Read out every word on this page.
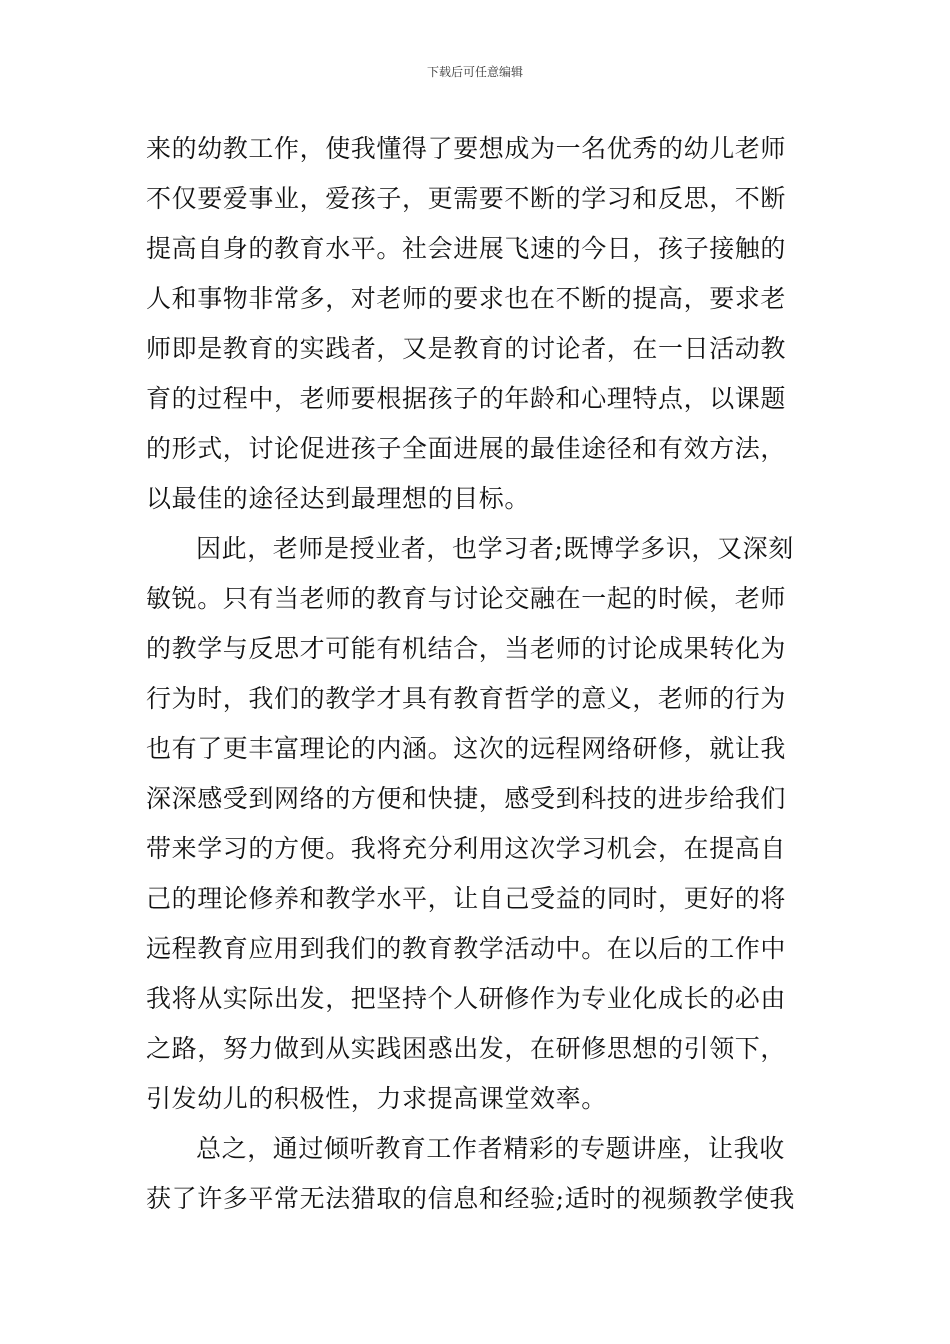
下载后可任意编辑
来的幼教工作，使我懂得了要想成为一名优秀的幼儿老师
不仅要爱事业，爱孩子，更需要不断的学习和反思，不断
提高自身的教育水平。社会进展飞速的今日，孩子接触的
人和事物非常多，对老师的要求也在不断的提高，要求老
师即是教育的实践者，又是教育的讨论者，在一日活动教
育的过程中，老师要根据孩子的年龄和心理特点，以课题
的形式，讨论促进孩子全面进展的最佳途径和有效方法，
以最佳的途径达到最理想的目标。
因此，老师是授业者，也学习者;既博学多识，又深刻
敏锐。只有当老师的教育与讨论交融在一起的时候，老师
的教学与反思才可能有机结合，当老师的讨论成果转化为
行为时，我们的教学才具有教育哲学的意义，老师的行为
也有了更丰富理论的内涵。这次的远程网络研修，就让我
深深感受到网络的方便和快捷，感受到科技的进步给我们
带来学习的方便。我将充分利用这次学习机会，在提高自
己的理论修养和教学水平，让自己受益的同时，更好的将
远程教育应用到我们的教育教学活动中。在以后的工作中
我将从实际出发，把坚持个人研修作为专业化成长的必由
之路，努力做到从实践困惑出发，在研修思想的引领下，
引发幼儿的积极性，力求提高课堂效率。
总之，通过倾听教育工作者精彩的专题讲座，让我收
获了许多平常无法猎取的信息和经验;适时的视频教学使我
